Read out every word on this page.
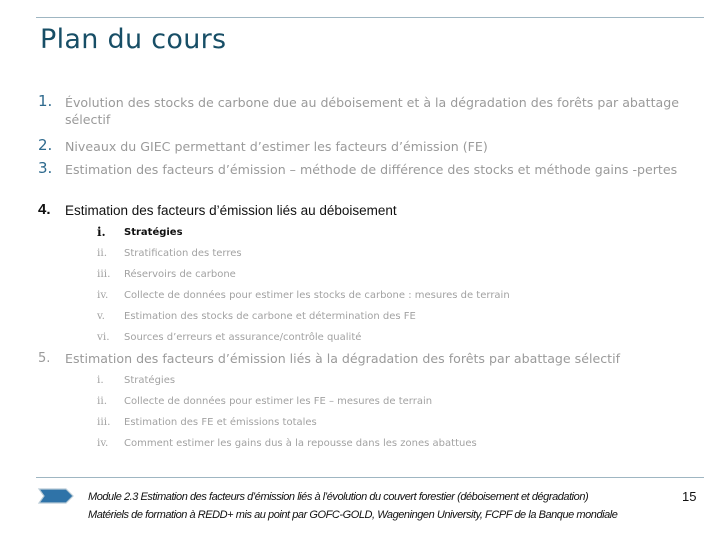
Plan du cours
1. Évolution des stocks de carbone due au déboisement et à la dégradation des forêts par abattage sélectif
2. Niveaux du GIEC permettant d’estimer les facteurs d’émission (FE)
3. Estimation des facteurs d’émission – méthode de différence des stocks et méthode gains -pertes
4. Estimation des facteurs d’émission liés au déboisement
i. Stratégies
ii. Stratification des terres
iii. Réservoirs de carbone
iv. Collecte de données pour estimer les stocks de carbone : mesures de terrain
v. Estimation des stocks de carbone et détermination des FE
vi. Sources d’erreurs et assurance/contrôle qualité
5. Estimation des facteurs d’émission liés à la dégradation des forêts par abattage sélectif
i. Stratégies
ii. Collecte de données pour estimer les FE – mesures de terrain
iii. Estimation des FE et émissions totales
iv. Comment estimer les gains dus à la repousse dans les zones abattues
Module 2.3 Estimation des facteurs d’émission liés à l’évolution du couvert forestier (déboisement et dégradation)
Matériels de formation à REDD+ mis au point par GOFC-GOLD, Wageningen University, FCPF de la Banque mondiale
15
